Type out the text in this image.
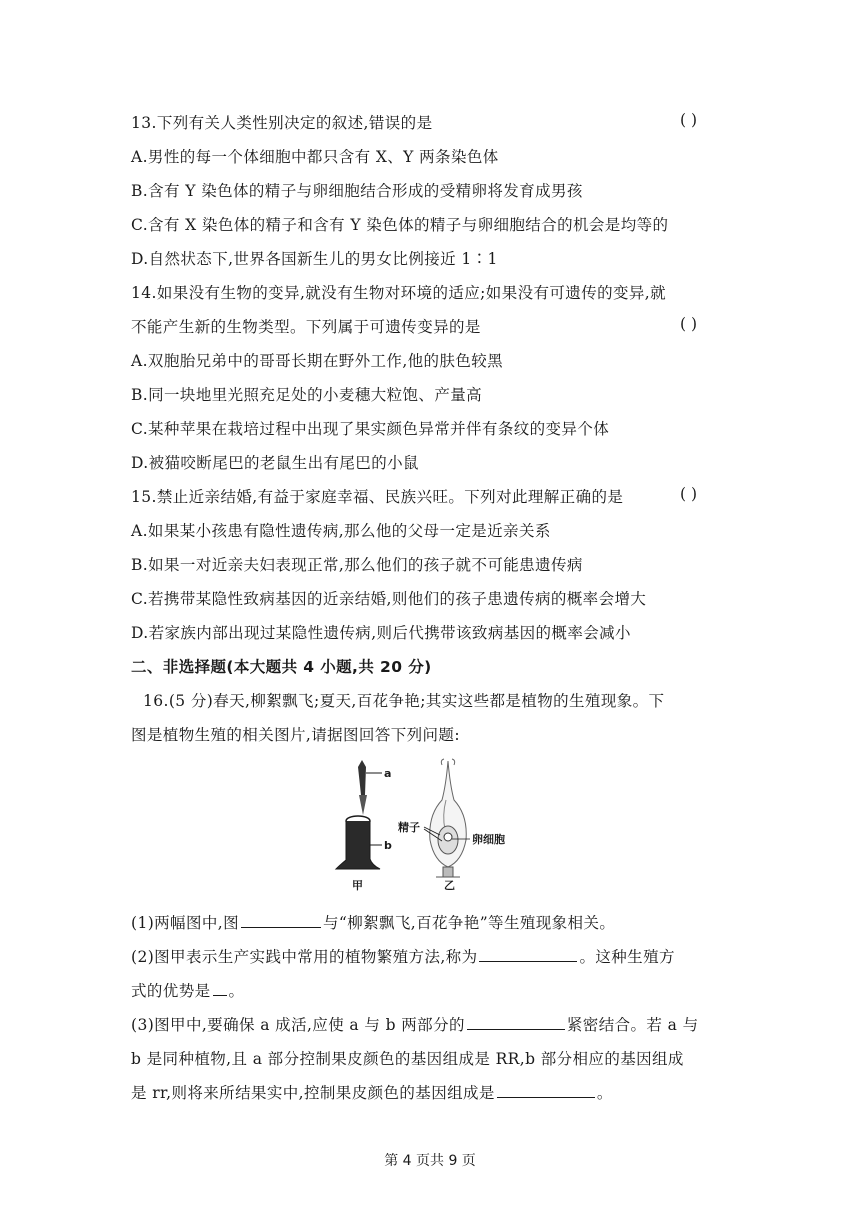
13.下列有关人类性别决定的叙述,错误的是	( )
A.男性的每一个体细胞中都只含有 X、Y 两条染色体
B.含有 Y 染色体的精子与卵细胞结合形成的受精卵将发育成男孩
C.含有 X 染色体的精子和含有 Y 染色体的精子与卵细胞结合的机会是均等的
D.自然状态下,世界各国新生儿的男女比例接近 1∶1
14.如果没有生物的变异,就没有生物对环境的适应;如果没有可遗传的变异,就
不能产生新的生物类型。下列属于可遗传变异的是	( )
A.双胞胎兄弟中的哥哥长期在野外工作,他的肤色较黑
B.同一块地里光照充足处的小麦穗大粒饱、产量高
C.某种苹果在栽培过程中出现了果实颜色异常并伴有条纹的变异个体
D.被猫咬断尾巴的老鼠生出有尾巴的小鼠
15.禁止近亲结婚,有益于家庭幸福、民族兴旺。下列对此理解正确的是	( )
A.如果某小孩患有隐性遗传病,那么他的父母一定是近亲关系
B.如果一对近亲夫妇表现正常,那么他们的孩子就不可能患遗传病
C.若携带某隐性致病基因的近亲结婚,则他们的孩子患遗传病的概率会增大
D.若家族内部出现过某隐性遗传病,则后代携带该致病基因的概率会减小
二、非选择题(本大题共 4 小题,共 20 分)
16.(5 分)春天,柳絮飘飞;夏天,百花争艳;其实这些都是植物的生殖现象。下
图是植物生殖的相关图片,请据图回答下列问题:
a
b
甲
精子
卵细胞
乙
(1)两幅图中,图	与“柳絮飘飞,百花争艳”等生殖现象相关。
(2)图甲表示生产实践中常用的植物繁殖方法,称为	。这种生殖方
式的优势是 。
(3)图甲中,要确保 a 成活,应使 a 与 b 两部分的	紧密结合。若 a 与
b 是同种植物,且 a 部分控制果皮颜色的基因组成是 RR,b 部分相应的基因组成
是 rr,则将来所结果实中,控制果皮颜色的基因组成是	。
第 4 页共 9 页
